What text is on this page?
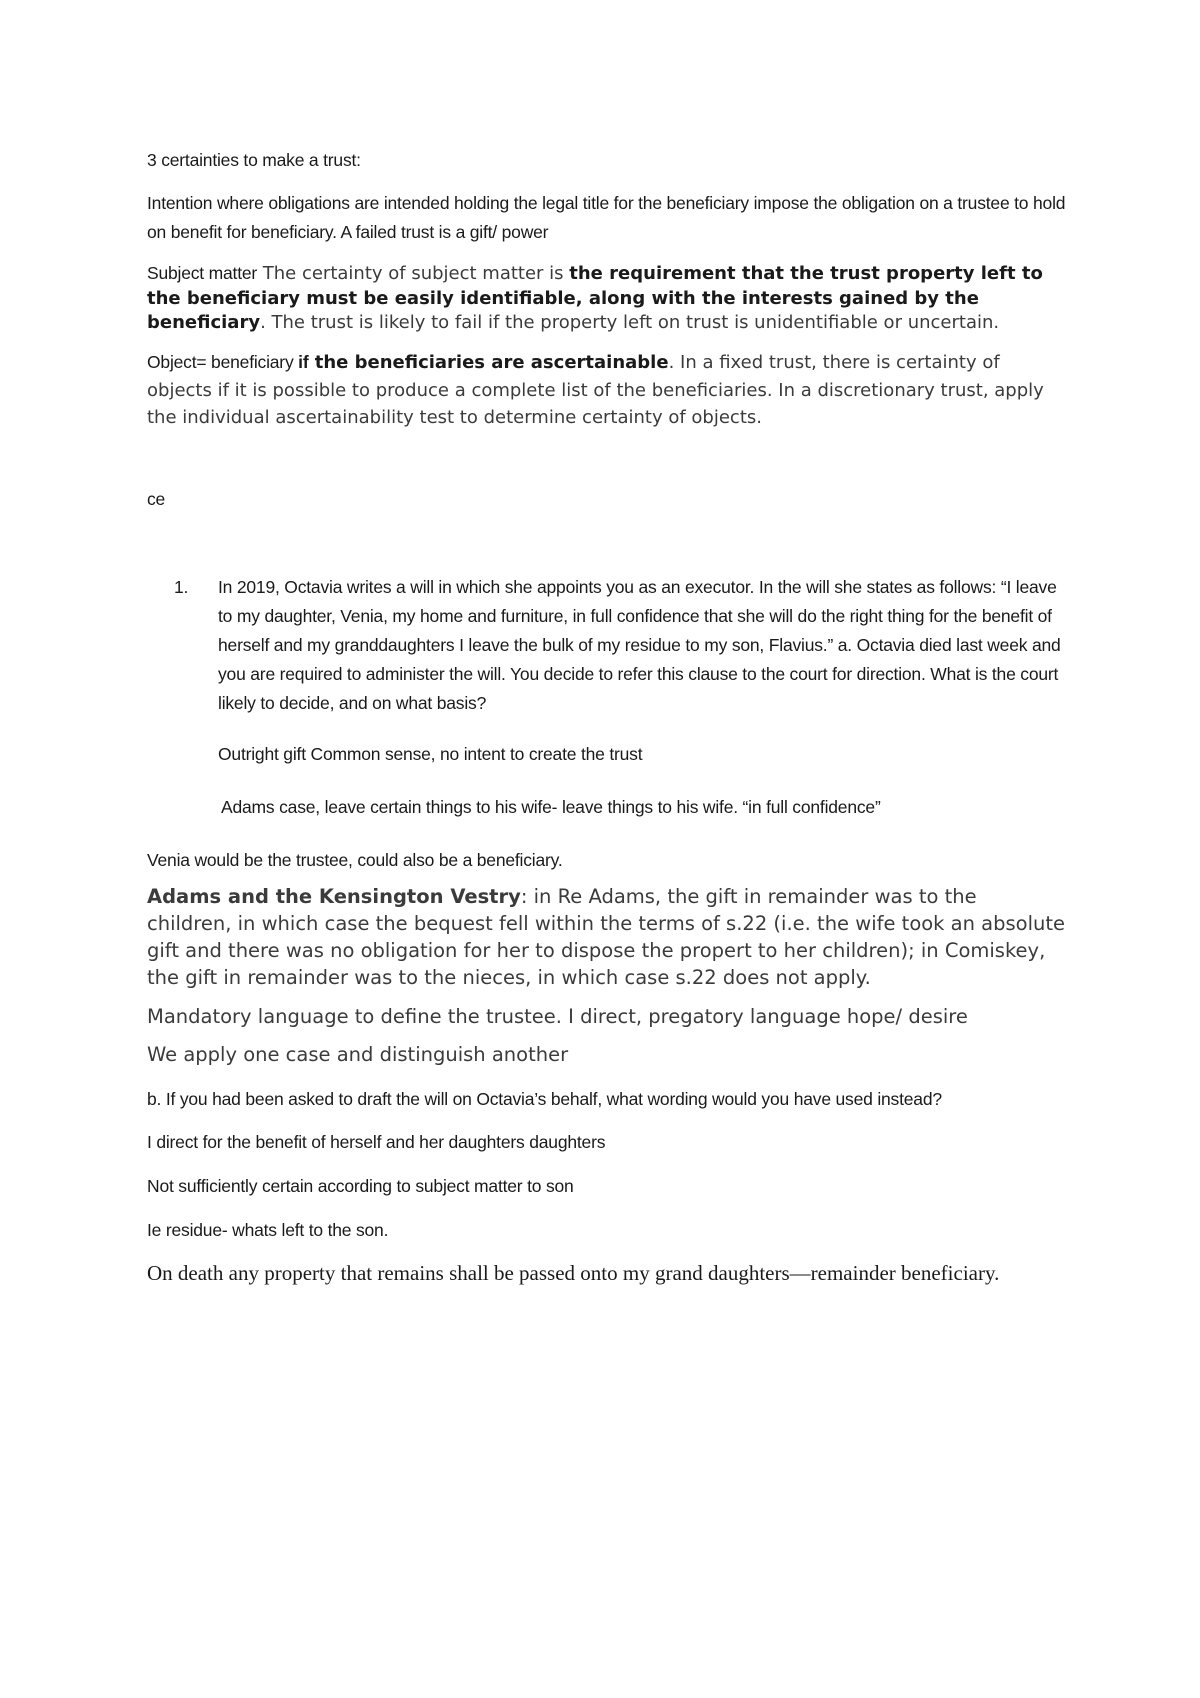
3 certainties to make a trust:

Intention where obligations are intended holding the legal title for the beneficiary impose the obligation on a trustee to hold on benefit for beneficiary. A failed trust is a gift/ power

Subject matter The certainty of subject matter is the requirement that the trust property left to the beneficiary must be easily identifiable, along with the interests gained by the beneficiary. The trust is likely to fail if the property left on trust is unidentifiable or uncertain.

Object= beneficiary if the beneficiaries are ascertainable. In a fixed trust, there is certainty of objects if it is possible to produce a complete list of the beneficiaries. In a discretionary trust, apply the individual ascertainability test to determine certainty of objects.

ce

1. In 2019, Octavia writes a will in which she appoints you as an executor. In the will she states as follows: “I leave to my daughter, Venia, my home and furniture, in full confidence that she will do the right thing for the benefit of herself and my granddaughters I leave the bulk of my residue to my son, Flavius.” a. Octavia died last week and you are required to administer the will. You decide to refer this clause to the court for direction. What is the court likely to decide, and on what basis?

Outright gift Common sense, no intent to create the trust

Adams case, leave certain things to his wife- leave things to his wife. “in full confidence”

Venia would be the trustee, could also be a beneficiary.

Adams and the Kensington Vestry: in Re Adams, the gift in remainder was to the children, in which case the bequest fell within the terms of s.22 (i.e. the wife took an absolute gift and there was no obligation for her to dispose the propert to her children); in Comiskey, the gift in remainder was to the nieces, in which case s.22 does not apply.

Mandatory language to define the trustee. I direct, pregatory language hope/ desire

We apply one case and distinguish another

b. If you had been asked to draft the will on Octavia’s behalf, what wording would you have used instead?

I direct for the benefit of herself and her daughters daughters

Not sufficiently certain according to subject matter to son

Ie residue- whats left to the son.

On death any property that remains shall be passed onto my grand daughters—remainder beneficiary.
